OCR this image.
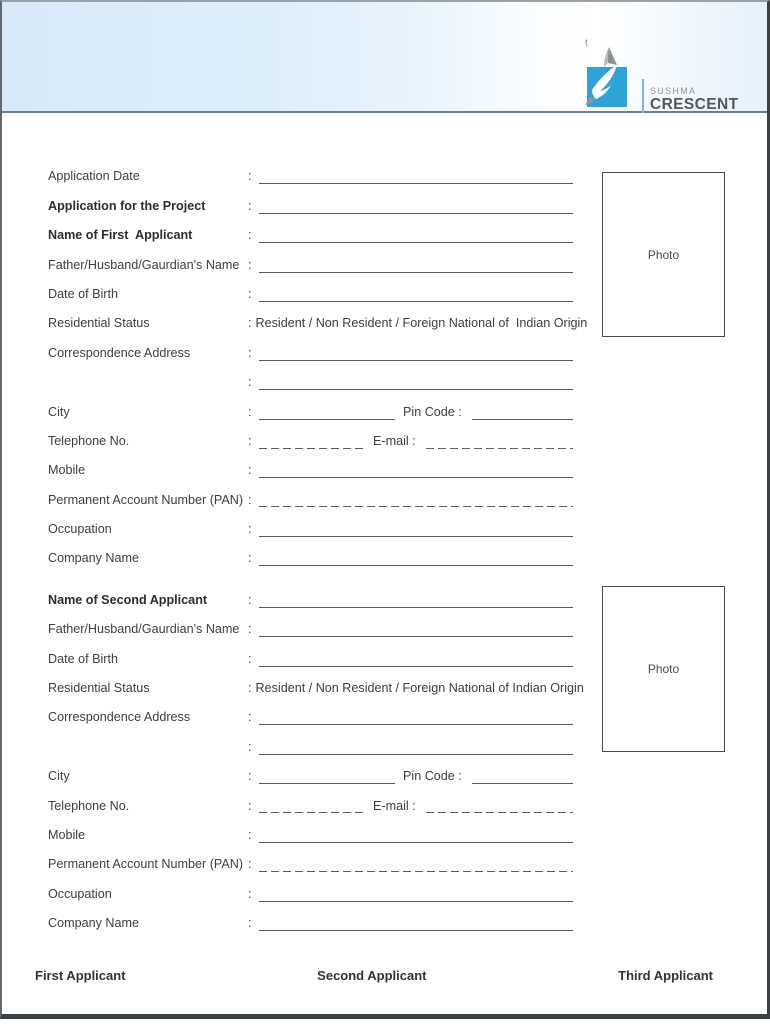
t
SUSHMA
CRESCENT
Photo
Photo
Application Date	:
Application for the Project	:
Name of First  Applicant	:
Father/Husband/Gaurdian's Name :
Date of Birth	:
Residential Status	: Resident / Non Resident / Foreign National of  Indian Origin
Correspondence Address	:
:
City	:	Pin Code :
Telephone No.	:	E-mail :
Mobile	:
Permanent Account Number (PAN) :
Occupation	:
Company Name	:
Name of Second Applicant	:
Father/Husband/Gaurdian's Name :
Date of Birth	:
Residential Status	: Resident / Non Resident / Foreign National of Indian Origin
Correspondence Address	:
:
City	:	Pin Code :
Telephone No.	:	E-mail :
Mobile	:
Permanent Account Number (PAN) :
Occupation	:
Company Name	:
First Applicant	Second Applicant	Third Applicant
